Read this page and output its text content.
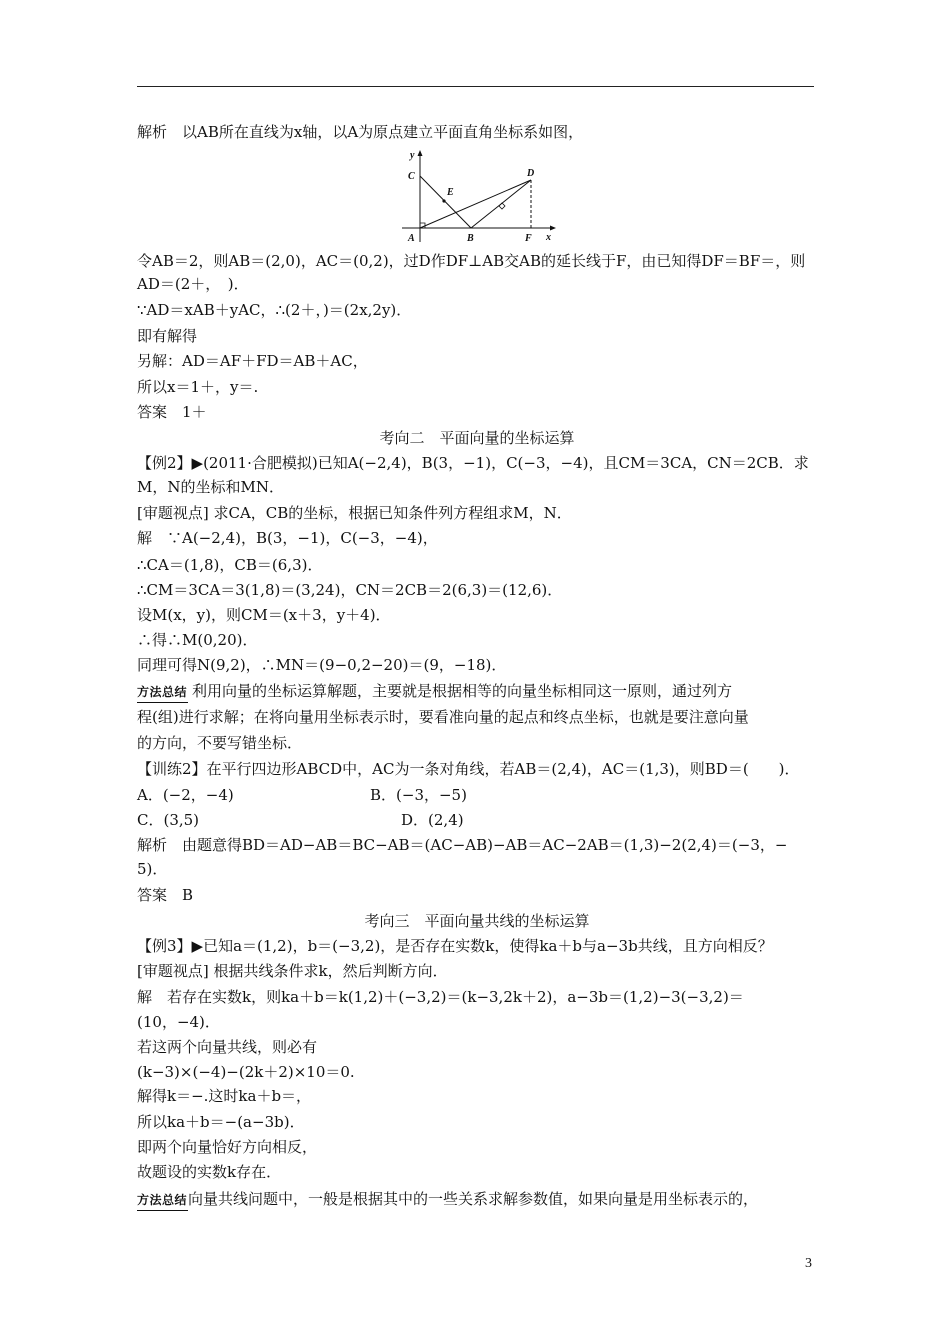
解析　以AB所在直线为x轴，以A为原点建立平面直角坐标系如图，
y
x
A	B
C	D
E
F
令AB＝2，则AB＝(2,0)，AC＝(0,2)，过D作DF⊥AB交AB的延长线于F，由已知得DF＝BF＝，则
AD＝(2＋，　)．
∵AD＝xAB＋yAC，∴(2＋，)＝(2x,2y)．
即有解得
另解：AD＝AF＋FD＝AB＋AC，
所以x＝1＋，y＝.
答案　1＋
考向二　平面向量的坐标运算
【例2】▶(2011·合肥模拟)已知A(−2,4)，B(3，−1)，C(−3，−4)，且CM＝3CA，CN＝2CB．求
M，N的坐标和MN．
[审题视点] 求CA，CB的坐标，根据已知条件列方程组求M，N．
解　∵A(−2,4)，B(3，−1)，C(−3，−4)，
∴CA＝(1,8)，CB＝(6,3)．
∴CM＝3CA＝3(1,8)＝(3,24)，CN＝2CB＝2(6,3)＝(12,6)．
设M(x，y)，则CM＝(x＋3，y＋4)．
∴得∴M(0,20)．
同理可得N(9,2)，∴MN＝(9−0,2−20)＝(9，−18)．
方法总结 利用向量的坐标运算解题，主要就是根据相等的向量坐标相同这一原则，通过列方
程(组)进行求解；在将向量用坐标表示时，要看准向量的起点和终点坐标，也就是要注意向量
的方向，不要写错坐标．
【训练2】在平行四边形ABCD中，AC为一条对角线，若AB＝(2,4)，AC＝(1,3)，则BD＝(　　)．
A．(−2，−4)	B．(−3，−5)
C．(3,5)	D．(2,4)
解析　由题意得BD＝AD−AB＝BC−AB＝(AC−AB)−AB＝AC−2AB＝(1,3)−2(2,4)＝(−3，−
5)．
答案　B
考向三　平面向量共线的坐标运算
【例3】▶已知a＝(1,2)，b＝(−3,2)，是否存在实数k，使得ka＋b与a−3b共线，且方向相反？
[审题视点] 根据共线条件求k，然后判断方向．
解　若存在实数k，则ka＋b＝k(1,2)＋(−3,2)＝(k−3,2k＋2)，a−3b＝(1,2)−3(−3,2)＝
(10，−4)．
若这两个向量共线，则必有
(k−3)×(−4)−(2k＋2)×10＝0.
解得k＝−.这时ka＋b＝，
所以ka＋b＝−(a−3b)．
即两个向量恰好方向相反，
故题设的实数k存在．
方法总结向量共线问题中，一般是根据其中的一些关系求解参数值，如果向量是用坐标表示的，
3
